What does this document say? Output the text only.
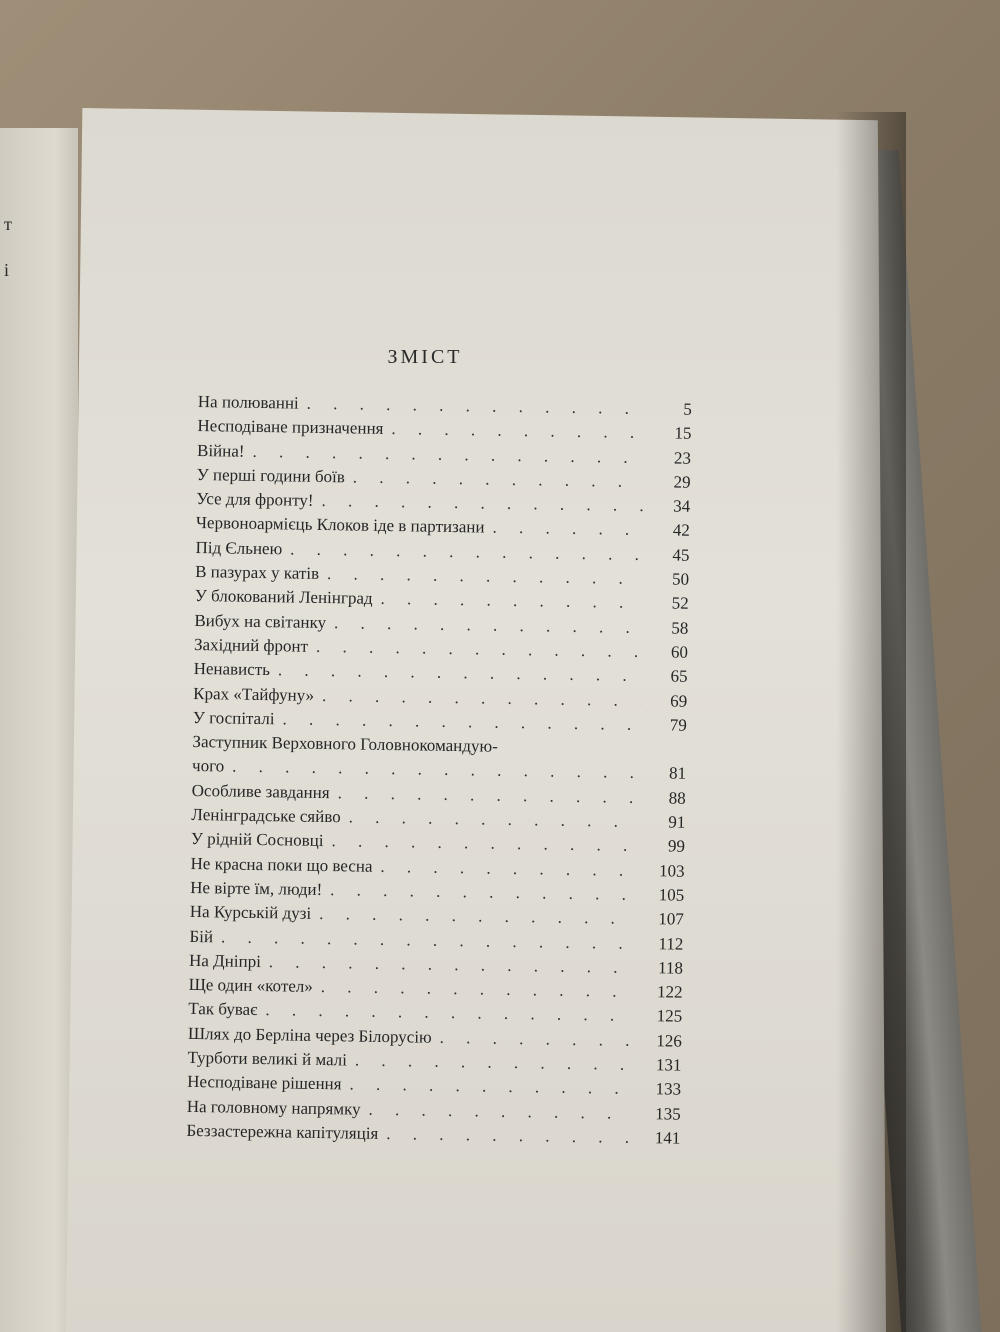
т
і
ЗМІСТ
На полюванні . . .	5
Несподіване призначення . . .	15
Війна! . . .	23
У перші години боїв . . .	29
Усе для фронту! . . .	34
Червоноармієць Клоков іде в партизани . . .	42
Під Єльнею . . .	45
В пазурах у катів . . .	50
У блокований Ленінград . . .	52
Вибух на світанку . . .	58
Західний фронт . . .	60
Ненависть . . .	65
Крах «Тайфуну» . . .	69
У госпіталі . . .	79
Заступник Верховного Головнокомандую-
чого . . .	81
Особливе завдання . . .	88
Ленінградське сяйво . . .	91
У рідній Сосновці . . .	99
Не красна поки що весна . . .	103
Не вірте їм, люди! . . .	105
На Курській дузі . . .	107
Бій . . .	112
На Дніпрі . . .	118
Ще один «котел» . . .	122
Так буває . . .	125
Шлях до Берліна через Білорусію . . .	126
Турботи великі й малі . . .	131
Несподіване рішення . . .	133
На головному напрямку . . .	135
Беззастережна капітуляція . . .	141
